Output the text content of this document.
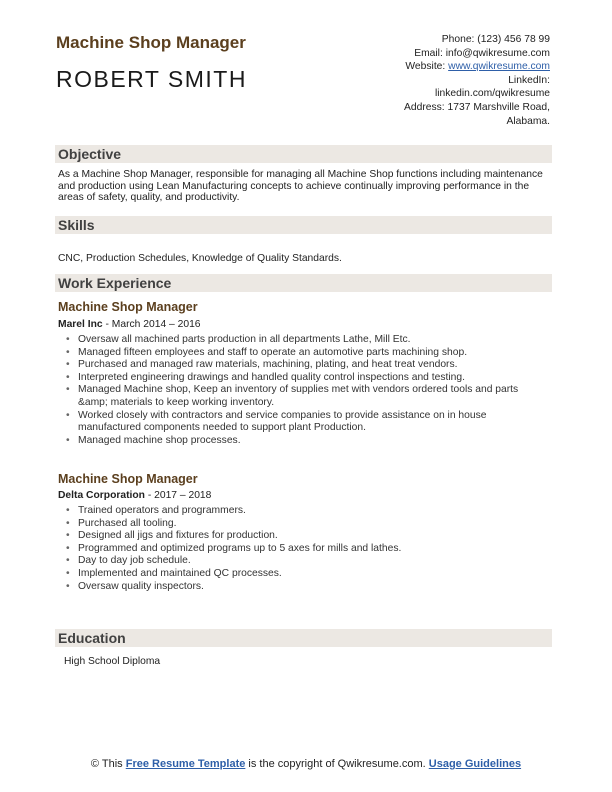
Machine Shop Manager
ROBERT SMITH
Phone: (123) 456 78 99
Email: info@qwikresume.com
Website: www.qwikresume.com
LinkedIn:
linkedin.com/qwikresume
Address: 1737 Marshville Road,
Alabama.
Objective
As a Machine Shop Manager, responsible for managing all Machine Shop functions including maintenance and production using Lean Manufacturing concepts to achieve continually improving performance in the areas of safety, quality, and productivity.
Skills
CNC, Production Schedules, Knowledge of Quality Standards.
Work Experience
Machine Shop Manager
Marel Inc - March 2014 – 2016
• Oversaw all machined parts production in all departments Lathe, Mill Etc.
• Managed fifteen employees and staff to operate an automotive parts machining shop.
• Purchased and managed raw materials, machining, plating, and heat treat vendors.
• Interpreted engineering drawings and handled quality control inspections and testing.
• Managed Machine shop, Keep an inventory of supplies met with vendors ordered tools and parts &amp; materials to keep working inventory.
• Worked closely with contractors and service companies to provide assistance on in house manufactured components needed to support plant Production.
• Managed machine shop processes.
Machine Shop Manager
Delta Corporation - 2017 – 2018
• Trained operators and programmers.
• Purchased all tooling.
• Designed all jigs and fixtures for production.
• Programmed and optimized programs up to 5 axes for mills and lathes.
• Day to day job schedule.
• Implemented and maintained QC processes.
• Oversaw quality inspectors.
Education
High School Diploma
© This Free Resume Template is the copyright of Qwikresume.com. Usage Guidelines
